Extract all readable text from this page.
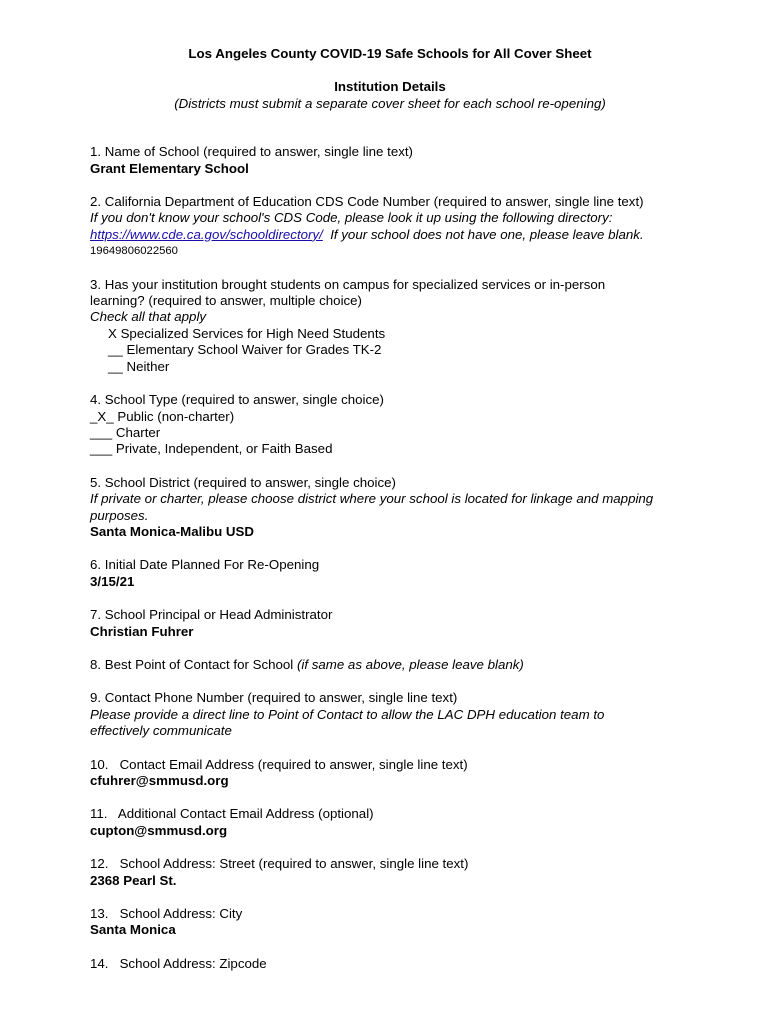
Los Angeles County COVID-19 Safe Schools for All Cover Sheet
Institution Details
(Districts must submit a separate cover sheet for each school re-opening)
1. Name of School (required to answer, single line text)
Grant Elementary School
2. California Department of Education CDS Code Number (required to answer, single line text)
If you don't know your school's CDS Code, please look it up using the following directory:
https://www.cde.ca.gov/schooldirectory/  If your school does not have one, please leave blank.
19649806022560
3. Has your institution brought students on campus for specialized services or in-person
learning? (required to answer, multiple choice)
Check all that apply
X Specialized Services for High Need Students
__ Elementary School Waiver for Grades TK-2
__ Neither
4. School Type (required to answer, single choice)
_X_ Public (non-charter)
___ Charter
___ Private, Independent, or Faith Based
5. School District (required to answer, single choice)
If private or charter, please choose district where your school is located for linkage and mapping
purposes.
Santa Monica-Malibu USD
6. Initial Date Planned For Re-Opening
3/15/21
7. School Principal or Head Administrator
Christian Fuhrer
8. Best Point of Contact for School (if same as above, please leave blank)
9. Contact Phone Number (required to answer, single line text)
Please provide a direct line to Point of Contact to allow the LAC DPH education team to
effectively communicate
10.   Contact Email Address (required to answer, single line text)
cfuhrer@smmusd.org
11.   Additional Contact Email Address (optional)
cupton@smmusd.org
12.   School Address: Street (required to answer, single line text)
2368 Pearl St.
13.   School Address: City
Santa Monica
14.   School Address: Zipcode
